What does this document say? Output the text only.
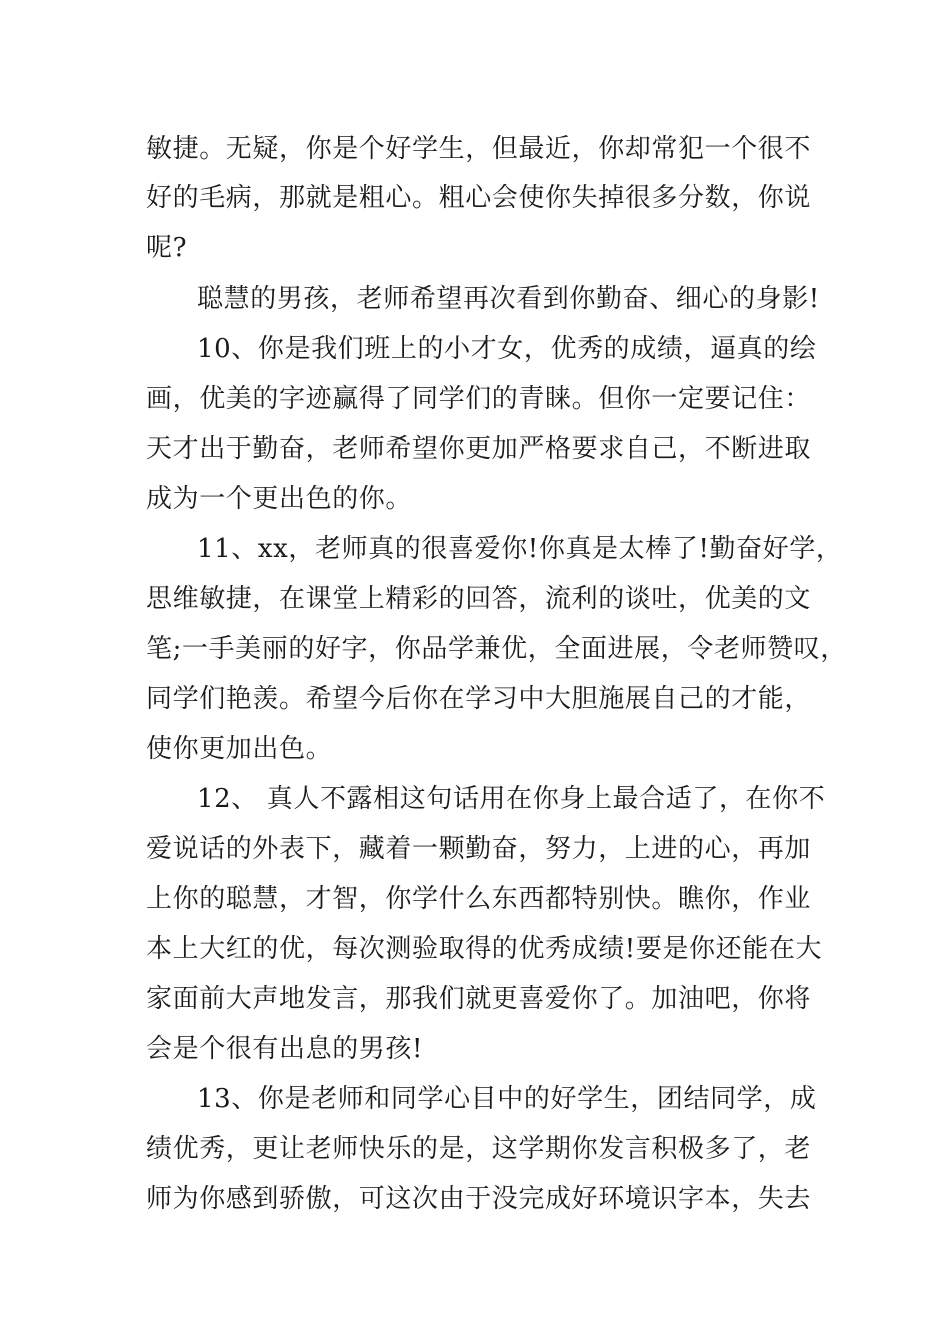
敏捷。无疑，你是个好学生，但最近，你却常犯一个很不

好的毛病，那就是粗心。粗心会使你失掉很多分数，你说

呢?

聪慧的男孩，老师希望再次看到你勤奋、细心的身影!

10、你是我们班上的小才女，优秀的成绩，逼真的绘

画，优美的字迹赢得了同学们的青睐。但你一定要记住：

天才出于勤奋，老师希望你更加严格要求自己，不断进取

成为一个更出色的你。

11、xx，老师真的很喜爱你!你真是太棒了!勤奋好学，

思维敏捷，在课堂上精彩的回答，流利的谈吐，优美的文

笔;一手美丽的好字，你品学兼优，全面进展，令老师赞叹，

同学们艳羡。希望今后你在学习中大胆施展自己的才能，

使你更加出色。

12、 真人不露相这句话用在你身上最合适了，在你不

爱说话的外表下，藏着一颗勤奋，努力，上进的心，再加

上你的聪慧，才智，你学什么东西都特别快。瞧你，作业

本上大红的优，每次测验取得的优秀成绩!要是你还能在大

家面前大声地发言，那我们就更喜爱你了。加油吧，你将

会是个很有出息的男孩!

13、你是老师和同学心目中的好学生，团结同学，成

绩优秀，更让老师快乐的是，这学期你发言积极多了，老

师为你感到骄傲，可这次由于没完成好环境识字本，失去
